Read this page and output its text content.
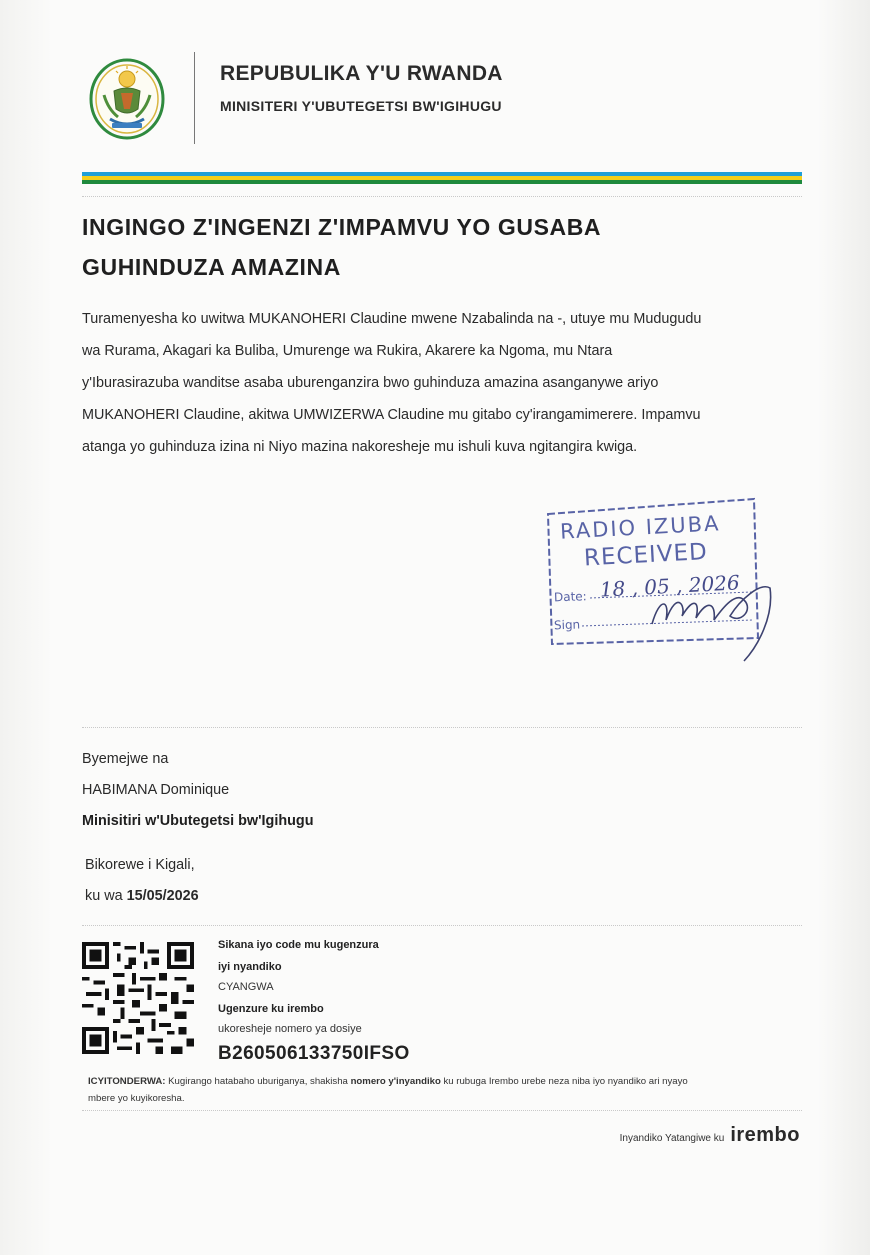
REPUBULIKA Y'U RWANDA
MINISITERI Y'UBUTEGETSI BW'IGIHUGU
INGINGO Z'INGENZI Z'IMPAMVU YO GUSABA
GUHINDUZA AMAZINA

Turamenyesha ko uwitwa MUKANOHERI Claudine mwene Nzabalinda na -, utuye mu Mudugudu
wa Rurama, Akagari ka Buliba, Umurenge wa Rukira, Akarere ka Ngoma, mu Ntara
y'Iburasirazuba wanditse asaba uburenganzira bwo guhinduza amazina asanganywe ariyo
MUKANOHERI Claudine, akitwa UMWIZERWA Claudine mu gitabo cy'irangamimerere. Impamvu
atanga yo guhinduza izina ni Niyo mazina nakoresheje mu ishuli kuva ngitangira kwiga.

RADIO IZUBA
RECEIVED
Date: 18 , 05 , 2026
Sign
Byemejwe na
HABIMANA Dominique
Minisitiri w'Ubutegetsi bw'Igihugu
Bikorewe i Kigali,
ku wa 15/05/2026
Sikana iyo code mu kugenzura
iyi nyandiko
CYANGWA
Ugenzure ku irembo
ukoresheje nomero ya dosiye
B260506133750IFSO

ICYITONDERWA: Kugirango hatabaho uburiganya, shakisha nomero y'inyandiko ku rubuga Irembo urebe neza niba iyo nyandiko ari nyayo
mbere yo kuyikoresha.

Inyandiko Yatangiwe ku irembo
